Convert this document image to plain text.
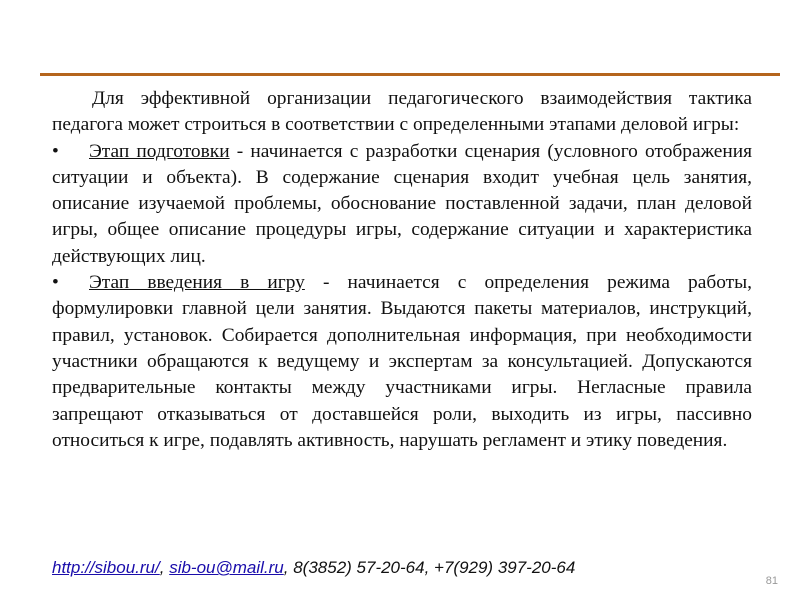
Для эффективной организации педагогического взаимодействия тактика педагога может строиться в соответствии с определенными этапами деловой игры:

• Этап подготовки - начинается с разработки сценария (условного отображения ситуации и объекта). В содержание сценария входит учебная цель занятия, описание изучаемой проблемы, обоснование поставленной задачи, план деловой игры, общее описание процедуры игры, содержание ситуации и характеристика действующих лиц.

• Этап введения в игру - начинается с определения режима работы, формулировки главной цели занятия. Выдаются пакеты материалов, инструкций, правил, установок. Собирается дополнительная информация, при необходимости участники обращаются к ведущему и экспертам за консультацией. Допускаются предварительные контакты между участниками игры. Негласные правила запрещают отказываться от доставшейся роли, выходить из игры, пассивно относиться к игре, подавлять активность, нарушать регламент и этику поведения.

http://sibou.ru/, sib-ou@mail.ru, 8(3852) 57-20-64, +7(929) 397-20-64
81
